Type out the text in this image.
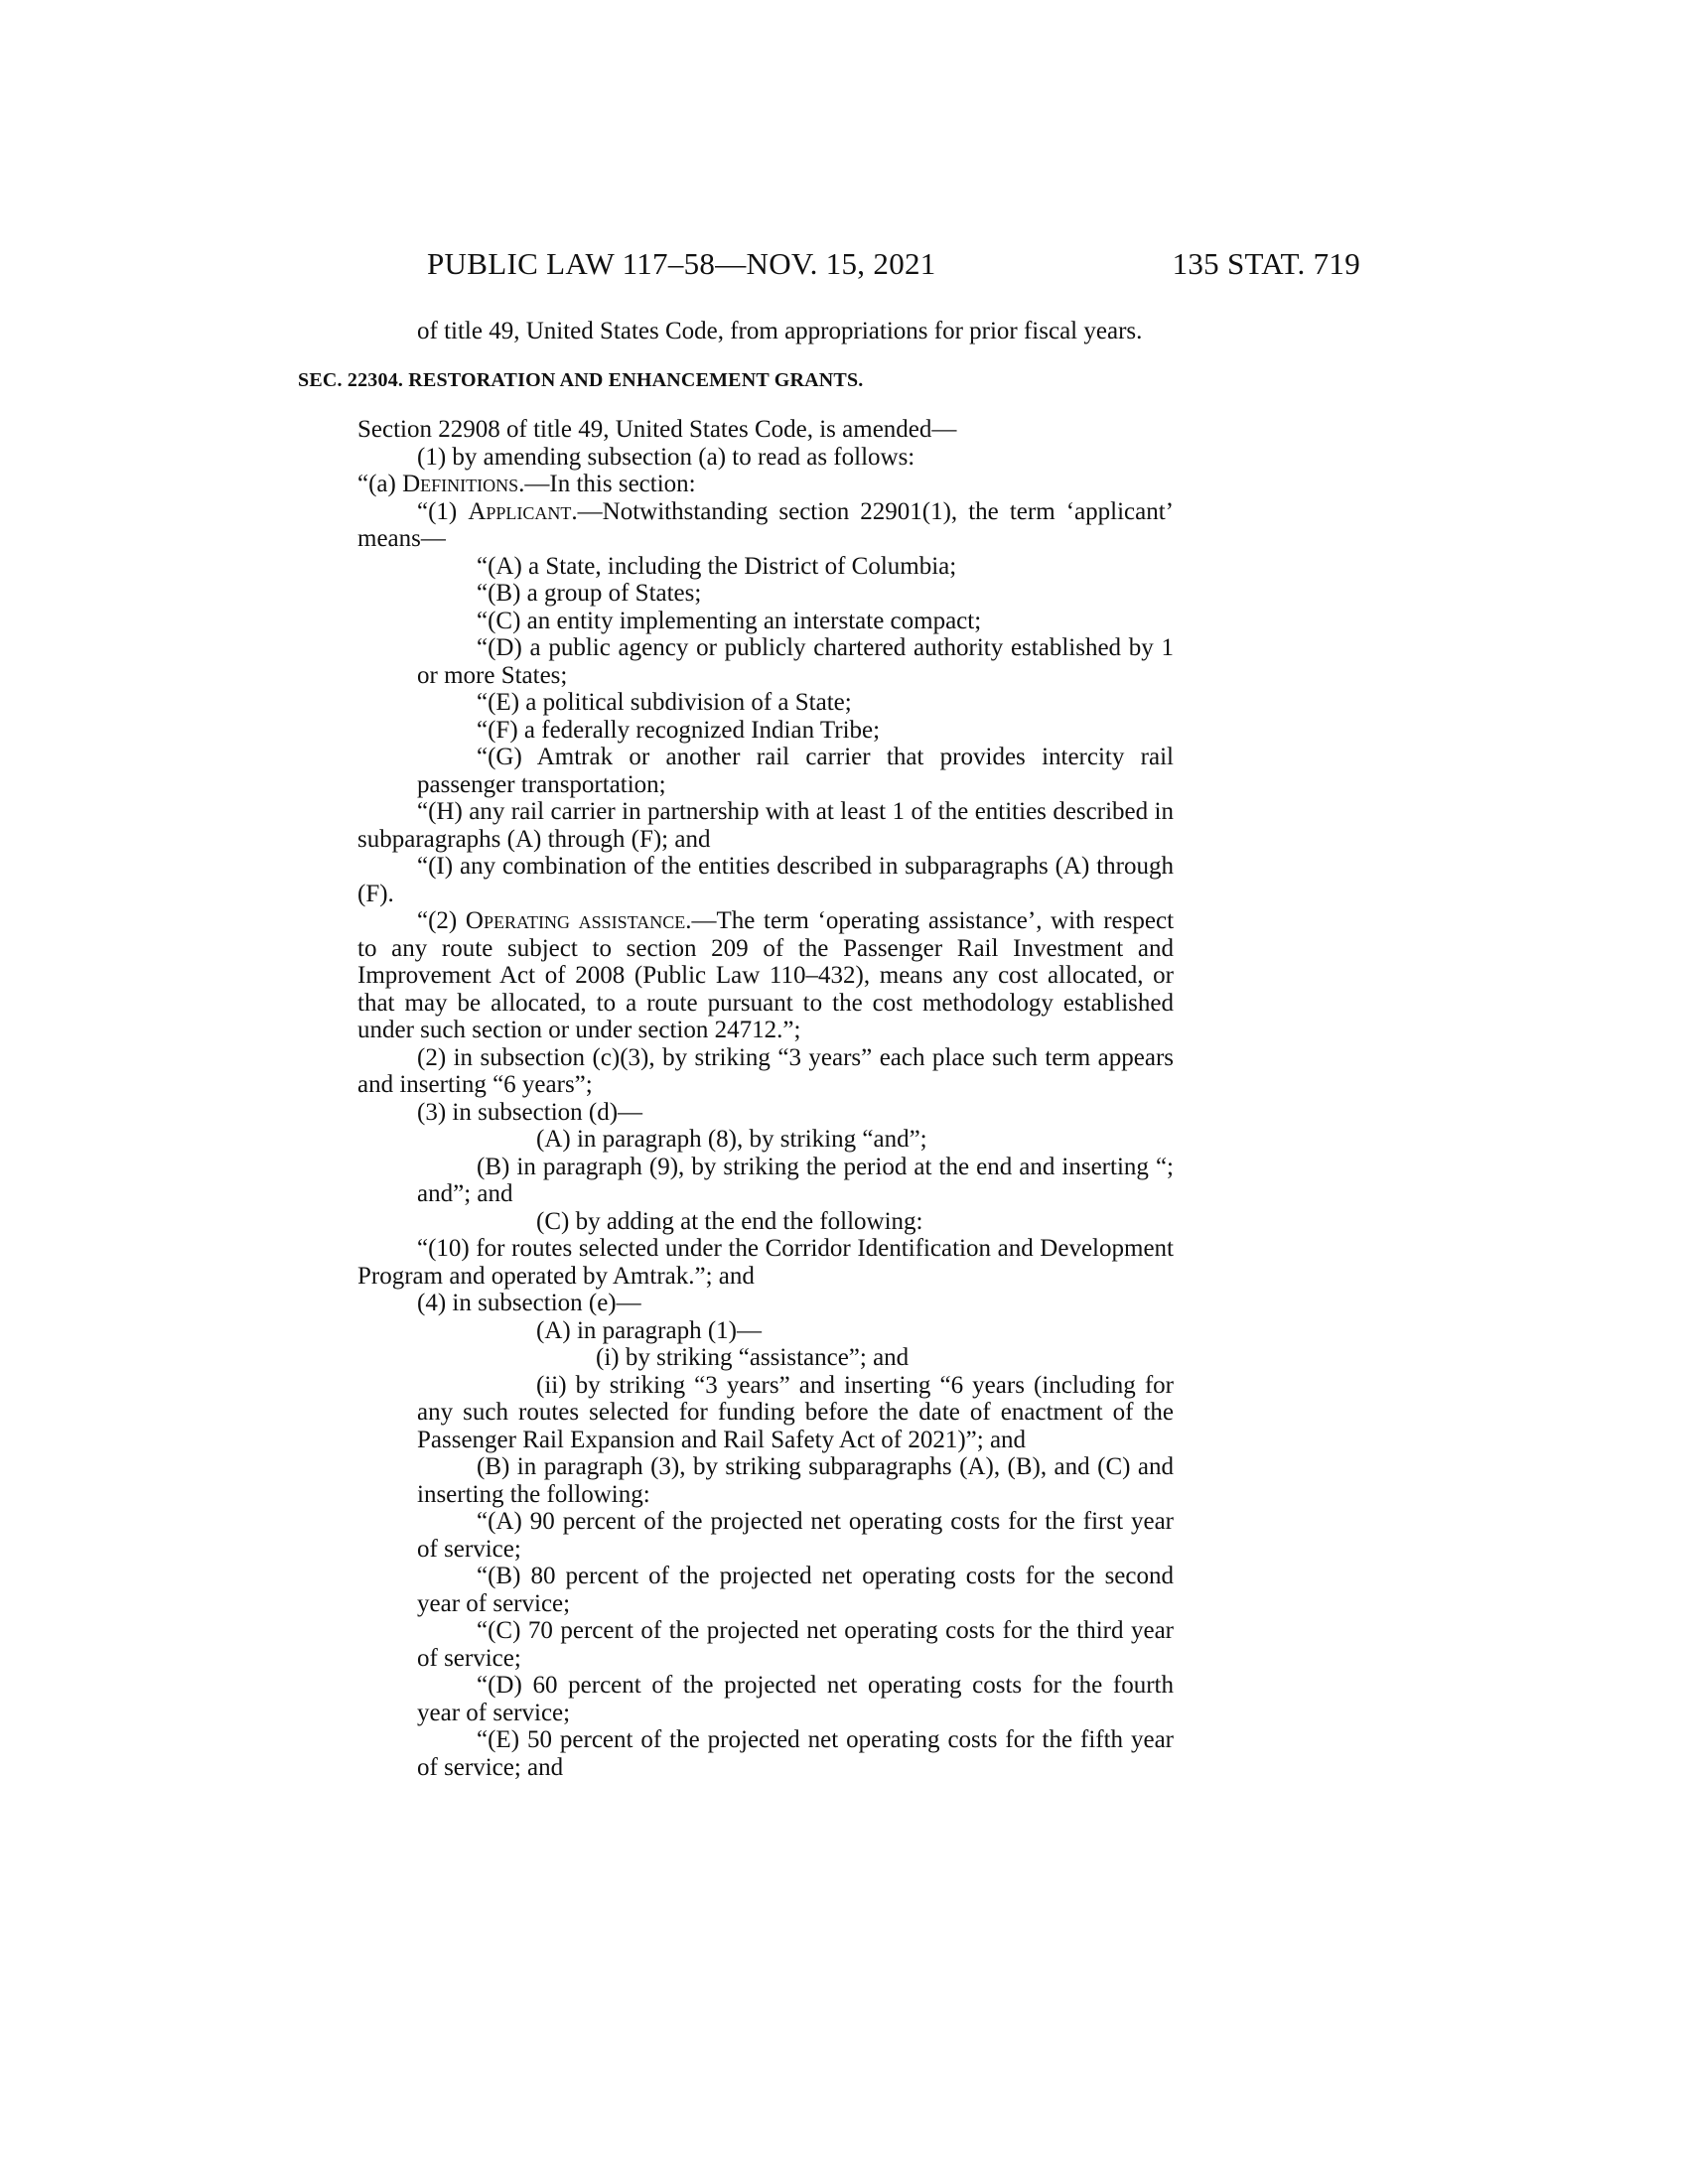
PUBLIC LAW 117–58—NOV. 15, 2021	135 STAT. 719

of title 49, United States Code, from appropriations for prior fiscal years.

SEC. 22304. RESTORATION AND ENHANCEMENT GRANTS.

Section 22908 of title 49, United States Code, is amended—

(1) by amending subsection (a) to read as follows:

“(a) Definitions.—In this section:

“(1) Applicant.—Notwithstanding section 22901(1), the term ‘applicant’ means—

“(A) a State, including the District of Columbia;

“(B) a group of States;

“(C) an entity implementing an interstate compact;

“(D) a public agency or publicly chartered authority established by 1 or more States;

“(E) a political subdivision of a State;

“(F) a federally recognized Indian Tribe;

“(G) Amtrak or another rail carrier that provides intercity rail passenger transportation;

“(H) any rail carrier in partnership with at least 1 of the entities described in subparagraphs (A) through (F); and

“(I) any combination of the entities described in subparagraphs (A) through (F).

“(2) Operating assistance.—The term ‘operating assistance’, with respect to any route subject to section 209 of the Passenger Rail Investment and Improvement Act of 2008 (Public Law 110–432), means any cost allocated, or that may be allocated, to a route pursuant to the cost methodology established under such section or under section 24712.”;

(2) in subsection (c)(3), by striking “3 years” each place such term appears and inserting “6 years”;

(3) in subsection (d)—

(A) in paragraph (8), by striking “and”;

(B) in paragraph (9), by striking the period at the end and inserting “; and”; and

(C) by adding at the end the following:

“(10) for routes selected under the Corridor Identification and Development Program and operated by Amtrak.”; and

(4) in subsection (e)—

(A) in paragraph (1)—

(i) by striking “assistance”; and

(ii) by striking “3 years” and inserting “6 years (including for any such routes selected for funding before the date of enactment of the Passenger Rail Expansion and Rail Safety Act of 2021)”; and

(B) in paragraph (3), by striking subparagraphs (A), (B), and (C) and inserting the following:

“(A) 90 percent of the projected net operating costs for the first year of service;

“(B) 80 percent of the projected net operating costs for the second year of service;

“(C) 70 percent of the projected net operating costs for the third year of service;

“(D) 60 percent of the projected net operating costs for the fourth year of service;

“(E) 50 percent of the projected net operating costs for the fifth year of service; and
